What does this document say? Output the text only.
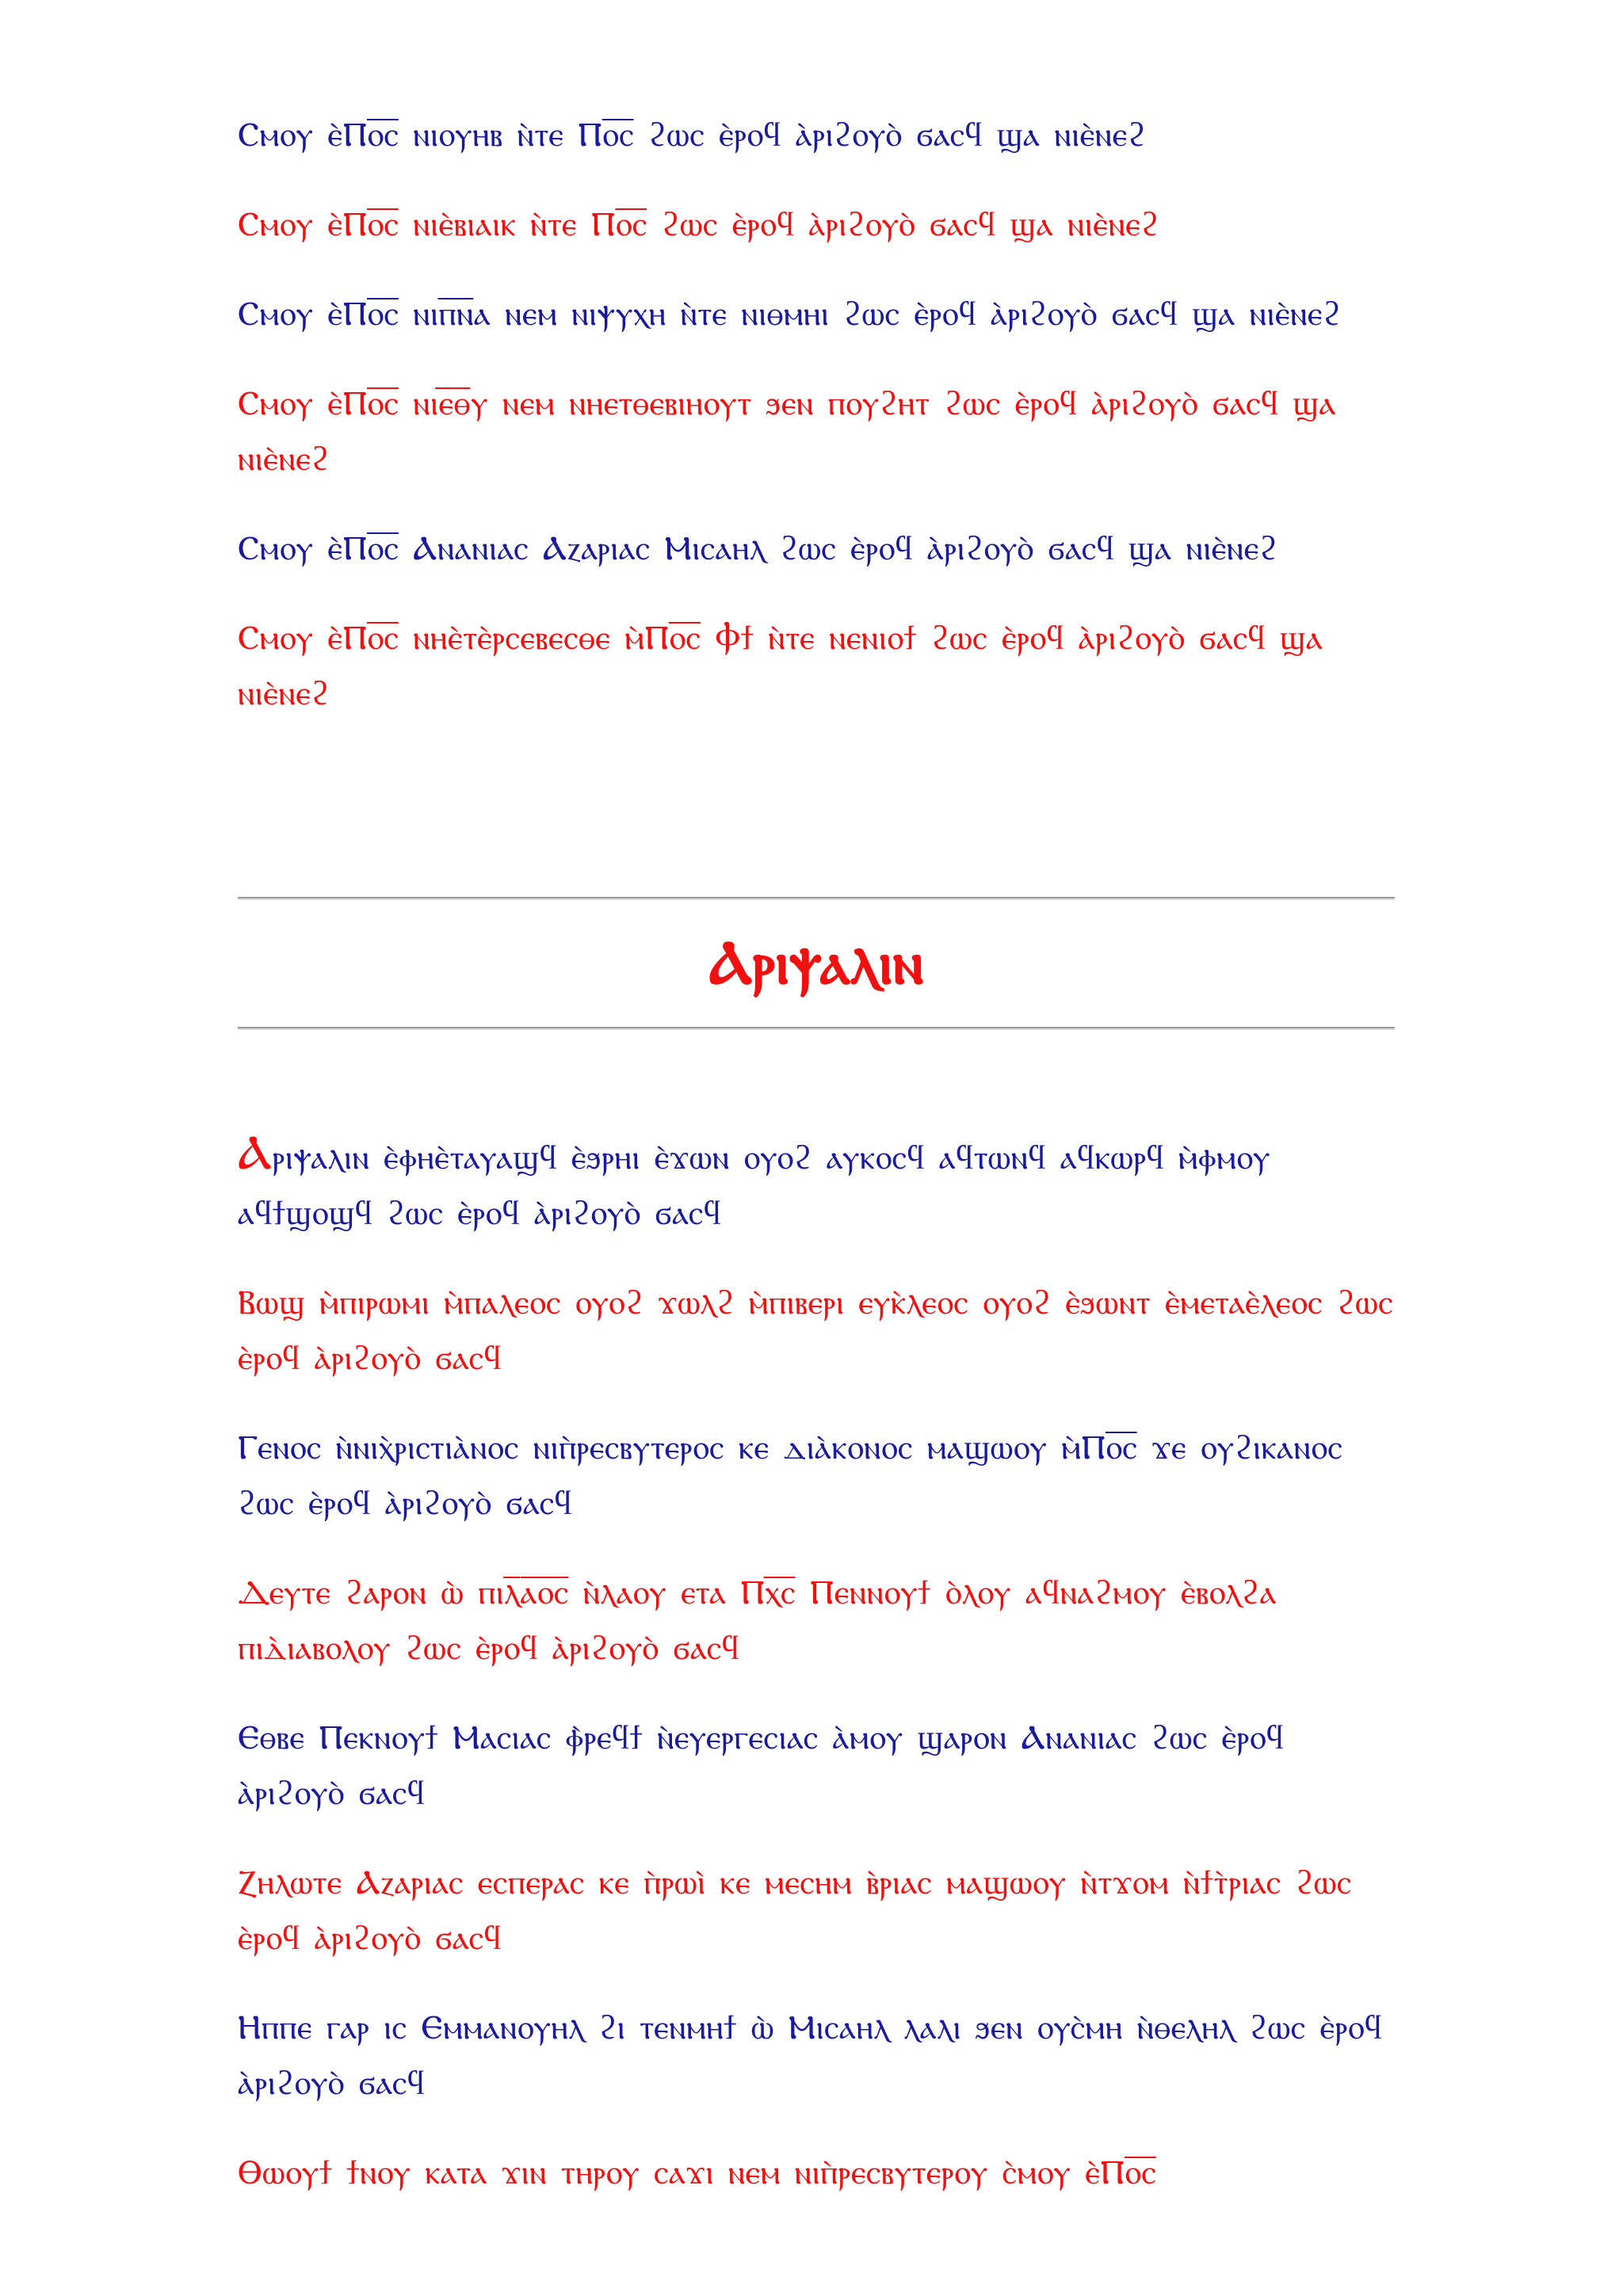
Ⲥⲙⲟⲩ ⲉ̀Ⲡⲟ̅ⲥ̅ ⲛⲓⲟⲩⲏⲃ ⲛ̀ⲧⲉ Ⲡⲟ̅ⲥ̅ ϩⲱⲥ ⲉ̀ⲣⲟϥ ⲁ̀ⲣⲓϩⲟⲩⲟ̀ ϭⲁⲥϥ ϣⲁ ⲛⲓⲉ̀ⲛⲉϩ

Ⲥⲙⲟⲩ ⲉ̀Ⲡⲟ̅ⲥ̅ ⲛⲓⲉ̀ⲃⲓⲁⲓⲕ ⲛ̀ⲧⲉ Ⲡⲟ̅ⲥ̅ ϩⲱⲥ ⲉ̀ⲣⲟϥ ⲁ̀ⲣⲓϩⲟⲩⲟ̀ ϭⲁⲥϥ ϣⲁ ⲛⲓⲉ̀ⲛⲉϩ

Ⲥⲙⲟⲩ ⲉ̀Ⲡⲟ̅ⲥ̅ ⲛⲓⲡ̅ⲛ̅ⲁ ⲛⲉⲙ ⲛⲓⲯⲩⲭⲏ ⲛ̀ⲧⲉ ⲛⲓⲑⲙⲏⲓ ϩⲱⲥ ⲉ̀ⲣⲟϥ ⲁ̀ⲣⲓϩⲟⲩⲟ̀ ϭⲁⲥϥ ϣⲁ ⲛⲓⲉ̀ⲛⲉϩ

Ⲥⲙⲟⲩ ⲉ̀Ⲡⲟ̅ⲥ̅ ⲛⲓⲉ̅ⲑ̅ⲩ ⲛⲉⲙ ⲛⲏⲉⲧⲑⲉⲃⲓⲏⲟⲩⲧ ϧⲉⲛ ⲡⲟⲩϩⲏⲧ ϩⲱⲥ ⲉ̀ⲣⲟϥ ⲁ̀ⲣⲓϩⲟⲩⲟ̀ ϭⲁⲥϥ ϣⲁ ⲛⲓⲉ̀ⲛⲉϩ

Ⲥⲙⲟⲩ ⲉ̀Ⲡⲟ̅ⲥ̅ Ⲁⲛⲁⲛⲓⲁⲥ Ⲁⲍⲁⲣⲓⲁⲥ Ⲙⲓⲥⲁⲏⲗ ϩⲱⲥ ⲉ̀ⲣⲟϥ ⲁ̀ⲣⲓϩⲟⲩⲟ̀ ϭⲁⲥϥ ϣⲁ ⲛⲓⲉ̀ⲛⲉϩ

Ⲥⲙⲟⲩ ⲉ̀Ⲡⲟ̅ⲥ̅ ⲛⲏⲉ̀ⲧⲉ̀ⲣⲥⲉⲃⲉⲥⲑⲉ ⲙ̀Ⲡⲟ̅ⲥ̅ Ⲫϯ ⲛ̀ⲧⲉ ⲛⲉⲛⲓⲟϯ ϩⲱⲥ ⲉ̀ⲣⲟϥ ⲁ̀ⲣⲓϩⲟⲩⲟ̀ ϭⲁⲥϥ ϣⲁ ⲛⲓⲉ̀ⲛⲉϩ

Ⲁⲣⲓⲯⲁⲗⲓⲛ

Ⲁⲣⲓⲯⲁⲗⲓⲛ ⲉ̀ⲫⲏⲉ̀ⲧⲁⲩⲁϣϥ ⲉ̀ϧⲣⲏⲓ ⲉ̀ϫⲱⲛ ⲟⲩⲟϩ ⲁⲩⲕⲟⲥϥ ⲁϥⲧⲱⲛϥ ⲁϥⲕⲱⲣϥ ⲙ̀ⲫⲙⲟⲩ ⲁϥϯϣⲟϣϥ ϩⲱⲥ ⲉ̀ⲣⲟϥ ⲁ̀ⲣⲓϩⲟⲩⲟ̀ ϭⲁⲥϥ

Ⲃⲱϣ ⲙ̀ⲡⲓⲣⲱⲙⲓ ⲙ̀ⲡⲁⲗⲉⲟⲥ ⲟⲩⲟϩ ϫⲱⲗϩ ⲙ̀ⲡⲓⲃⲉⲣⲓ ⲉⲩⲕ̀ⲗⲉⲟⲥ ⲟⲩⲟϩ ⲉ̀ϧⲱⲛⲧ ⲉ̀ⲙⲉⲧⲁⲉ̀ⲗⲉⲟⲥ ϩⲱⲥ ⲉ̀ⲣⲟϥ ⲁ̀ⲣⲓϩⲟⲩⲟ̀ ϭⲁⲥϥ

Ⲅⲉⲛⲟⲥ ⲛ̀ⲛⲓⲭ̀ⲣⲓⲥⲧⲓⲁ̀ⲛⲟⲥ ⲛⲓⲡ̀ⲣⲉⲥⲃⲩⲧⲉⲣⲟⲥ ⲕⲉ ⲇⲓⲁ̀ⲕⲟⲛⲟⲥ ⲙⲁϣⲱⲟⲩ ⲙ̀Ⲡⲟ̅ⲥ̅ ϫⲉ ⲟⲩϩⲓⲕⲁⲛⲟⲥ ϩⲱⲥ ⲉ̀ⲣⲟϥ ⲁ̀ⲣⲓϩⲟⲩⲟ̀ ϭⲁⲥϥ

Ⲇⲉⲩⲧⲉ ϩⲁⲣⲟⲛ ⲱ̀ ⲡⲓⲗ̅ⲁ̅ⲟ̅ⲥ̅ ⲛ̀ⲗⲁⲟⲩ ⲉⲧⲁ Ⲡⲭ̅ⲥ̅ Ⲡⲉⲛⲛⲟⲩϯ ⲟ̀ⲗⲟⲩ ⲁϥⲛⲁϩⲙⲟⲩ ⲉ̀ⲃⲟⲗϩⲁ ⲡⲓⲇ̀ⲓⲁⲃⲟⲗⲟⲩ ϩⲱⲥ ⲉ̀ⲣⲟϥ ⲁ̀ⲣⲓϩⲟⲩⲟ̀ ϭⲁⲥϥ

Ⲉⲑⲃⲉ Ⲡⲉⲕⲛⲟⲩϯ Ⲙⲁⲥⲓⲁⲥ ⲫ̀ⲣⲉϥϯ ⲛ̀ⲉⲩⲉⲣⲅⲉⲥⲓⲁⲥ ⲁ̀ⲙⲟⲩ ϣⲁⲣⲟⲛ Ⲁⲛⲁⲛⲓⲁⲥ ϩⲱⲥ ⲉ̀ⲣⲟϥ ⲁ̀ⲣⲓϩⲟⲩⲟ̀ ϭⲁⲥϥ

Ⲍⲏⲗⲱⲧⲉ Ⲁⲍⲁⲣⲓⲁⲥ ⲉⲥⲡⲉⲣⲁⲥ ⲕⲉ ⲡ̀ⲣⲱⲓ̀ ⲕⲉ ⲙⲉⲥⲏⲙ ⲃ̀ⲣⲓⲁⲥ ⲙⲁϣⲱⲟⲩ ⲛ̀ⲧϫⲟⲙ ⲛ̀ϯⲧ̀ⲣⲓⲁⲥ ϩⲱⲥ ⲉ̀ⲣⲟϥ ⲁ̀ⲣⲓϩⲟⲩⲟ̀ ϭⲁⲥϥ

Ⲏⲡⲡⲉ ⲅⲁⲣ ⲓⲥ Ⲉⲙⲙⲁⲛⲟⲩⲏⲗ ϩⲓ ⲧⲉⲛⲙⲏϯ ⲱ̀ Ⲙⲓⲥⲁⲏⲗ ⲗⲁⲗⲓ ϧⲉⲛ ⲟⲩⲥ̀ⲙⲏ ⲛ̀ⲑⲉⲗⲏⲗ ϩⲱⲥ ⲉ̀ⲣⲟϥ ⲁ̀ⲣⲓϩⲟⲩⲟ̀ ϭⲁⲥϥ

Ⲑⲱⲟⲩϯ ϯⲛⲟⲩ ⲕⲁⲧⲁ ϫⲓⲛ ⲧⲏⲣⲟⲩ ⲥⲁϫⲓ ⲛⲉⲙ ⲛⲓⲡ̀ⲣⲉⲥⲃⲩⲧⲉⲣⲟⲩ ⲥ̀ⲙⲟⲩ ⲉ̀Ⲡⲟ̅ⲥ̅
